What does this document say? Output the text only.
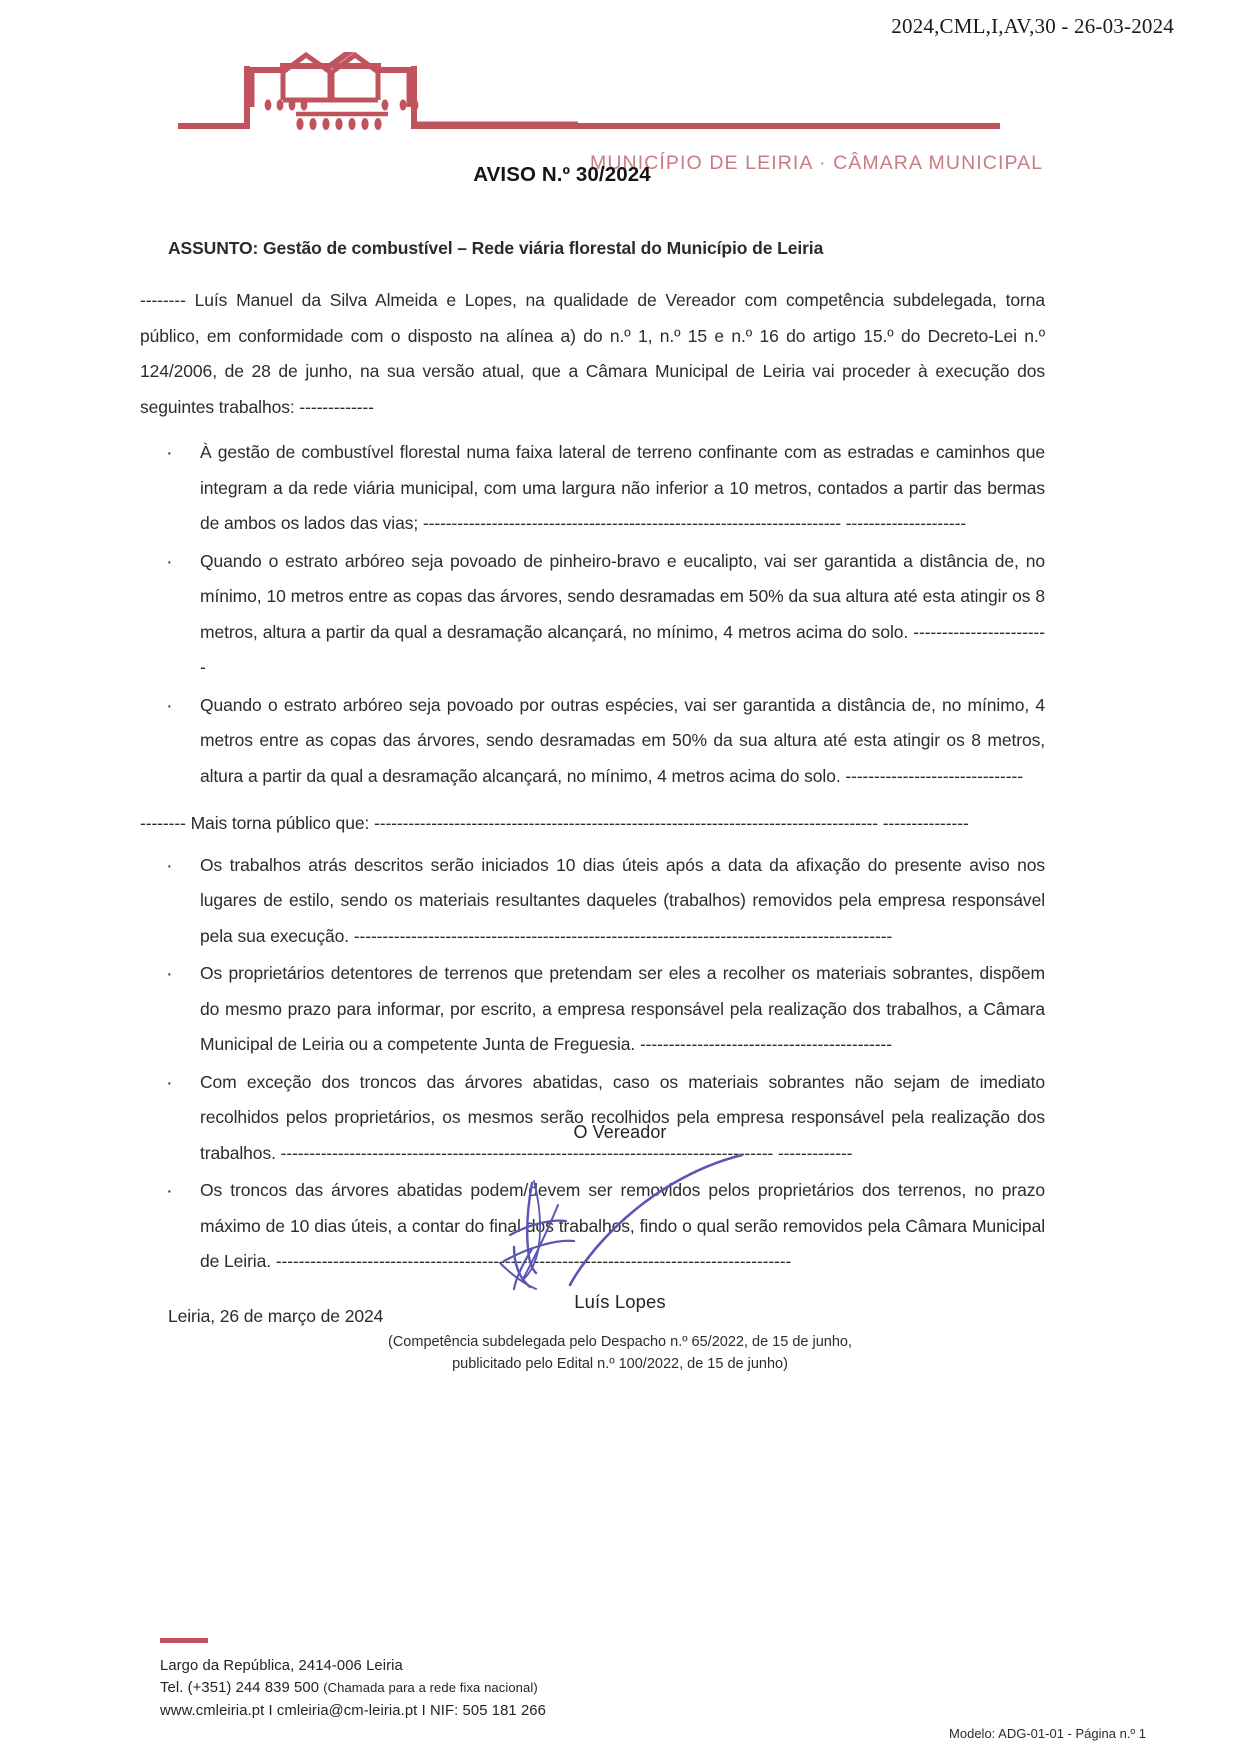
2024,CML,I,AV,30 - 26-03-2024
MUNICÍPIO DE LEIRIA · CÂMARA MUNICIPAL
AVISO N.º 30/2024

ASSUNTO: Gestão de combustível – Rede viária florestal do Município de Leiria

-------- Luís Manuel da Silva Almeida e Lopes, na qualidade de Vereador com competência subdelegada, torna público, em conformidade com o disposto na alínea a) do n.º 1, n.º 15 e n.º 16 do artigo 15.º do Decreto-Lei n.º 124/2006, de 28 de junho, na sua versão atual, que a Câmara Municipal de Leiria vai proceder à execução dos seguintes trabalhos: -------------

· À gestão de combustível florestal numa faixa lateral de terreno confinante com as estradas e caminhos que integram a da rede viária municipal, com uma largura não inferior a 10 metros, contados a partir das bermas de ambos os lados das vias; ------------------------------------------------------------------------- ---------------------
· Quando o estrato arbóreo seja povoado de pinheiro-bravo e eucalipto, vai ser garantida a distância de, no mínimo, 10 metros entre as copas das árvores, sendo desramadas em 50% da sua altura até esta atingir os 8 metros, altura a partir da qual a desramação alcançará, no mínimo, 4 metros acima do solo. ------------------------
· Quando o estrato arbóreo seja povoado por outras espécies, vai ser garantida a distância de, no mínimo, 4 metros entre as copas das árvores, sendo desramadas em 50% da sua altura até esta atingir os 8 metros, altura a partir da qual a desramação alcançará, no mínimo, 4 metros acima do solo. -------------------------------

-------- Mais torna público que: ---------------------------------------------------------------------------------------- ---------------

· Os trabalhos atrás descritos serão iniciados 10 dias úteis após a data da afixação do presente aviso nos lugares de estilo, sendo os materiais resultantes daqueles (trabalhos) removidos pela empresa responsável pela sua execução. ----------------------------------------------------------------------------------------------
· Os proprietários detentores de terrenos que pretendam ser eles a recolher os materiais sobrantes, dispõem do mesmo prazo para informar, por escrito, a empresa responsável pela realização dos trabalhos, a Câmara Municipal de Leiria ou a competente Junta de Freguesia. --------------------------------------------
· Com exceção dos troncos das árvores abatidas, caso os materiais sobrantes não sejam de imediato recolhidos pelos proprietários, os mesmos serão recolhidos pela empresa responsável pela realização dos trabalhos. -------------------------------------------------------------------------------------- -------------
· Os troncos das árvores abatidas podem/devem ser removidos pelos proprietários dos terrenos, no prazo máximo de 10 dias úteis, a contar do final dos trabalhos, findo o qual serão removidos pela Câmara Municipal de Leiria. ------------------------------------------------------------------------------------------

Leiria, 26 de março de 2024

O Vereador
Luís Lopes
(Competência subdelegada pelo Despacho n.º 65/2022, de 15 de junho,
publicitado pelo Edital n.º 100/2022, de 15 de junho)
Largo da República, 2414-006 Leiria
Tel. (+351) 244 839 500 (Chamada para a rede fixa nacional)
www.cmleiria.pt I cmleiria@cm-leiria.pt I NIF: 505 181 266
Modelo: ADG-01-01 - Página n.º 1
